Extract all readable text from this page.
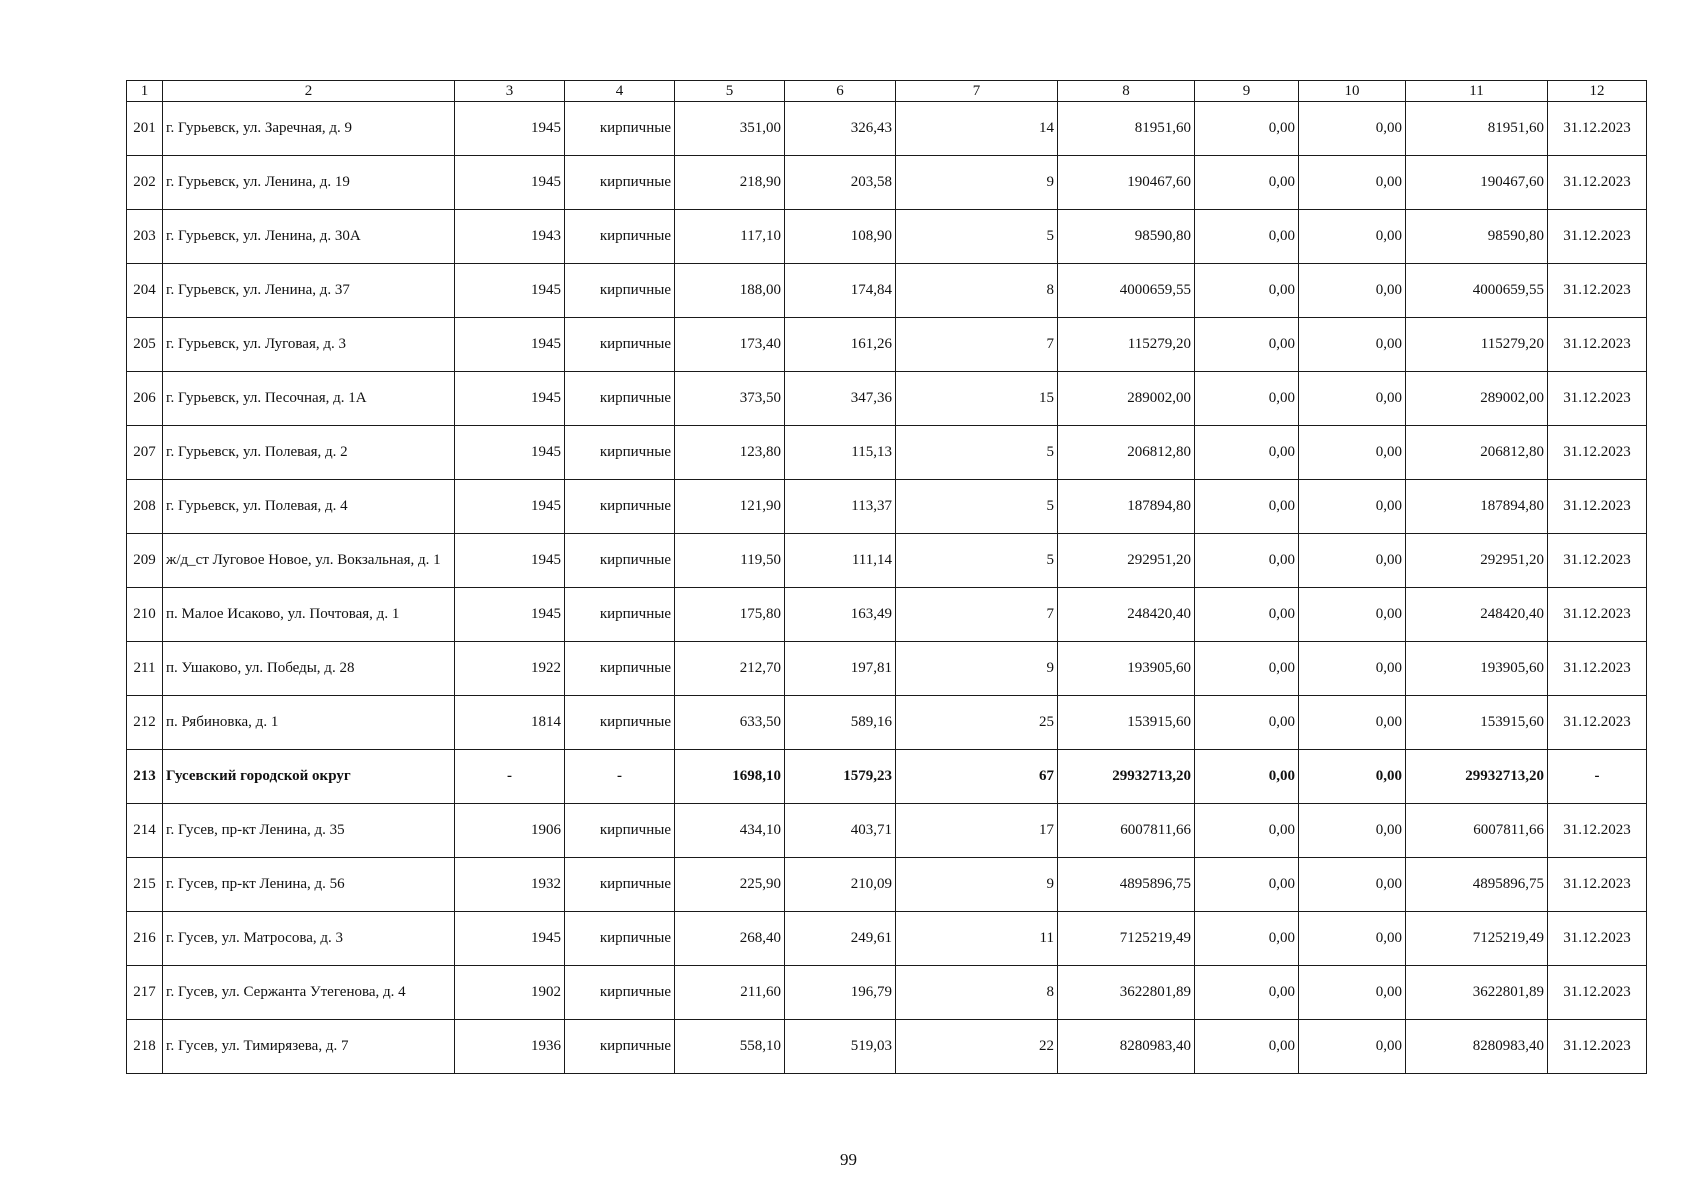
1	2	3	4	5	6	7	8	9	10	11	12
201	г. Гурьевск, ул. Заречная, д. 9	1945	кирпичные	351,00	326,43	14	81951,60	0,00	0,00	81951,60	31.12.2023
202	г. Гурьевск, ул. Ленина, д. 19	1945	кирпичные	218,90	203,58	9	190467,60	0,00	0,00	190467,60	31.12.2023
203	г. Гурьевск, ул. Ленина, д. 30А	1943	кирпичные	117,10	108,90	5	98590,80	0,00	0,00	98590,80	31.12.2023
204	г. Гурьевск, ул. Ленина, д. 37	1945	кирпичные	188,00	174,84	8	4000659,55	0,00	0,00	4000659,55	31.12.2023
205	г. Гурьевск, ул. Луговая, д. 3	1945	кирпичные	173,40	161,26	7	115279,20	0,00	0,00	115279,20	31.12.2023
206	г. Гурьевск, ул. Песочная, д. 1А	1945	кирпичные	373,50	347,36	15	289002,00	0,00	0,00	289002,00	31.12.2023
207	г. Гурьевск, ул. Полевая, д. 2	1945	кирпичные	123,80	115,13	5	206812,80	0,00	0,00	206812,80	31.12.2023
208	г. Гурьевск, ул. Полевая, д. 4	1945	кирпичные	121,90	113,37	5	187894,80	0,00	0,00	187894,80	31.12.2023
209	ж/д_ст Луговое Новое, ул. Вокзальная, д. 1	1945	кирпичные	119,50	111,14	5	292951,20	0,00	0,00	292951,20	31.12.2023
210	п. Малое Исаково, ул. Почтовая, д. 1	1945	кирпичные	175,80	163,49	7	248420,40	0,00	0,00	248420,40	31.12.2023
211	п. Ушаково, ул. Победы, д. 28	1922	кирпичные	212,70	197,81	9	193905,60	0,00	0,00	193905,60	31.12.2023
212	п. Рябиновка, д. 1	1814	кирпичные	633,50	589,16	25	153915,60	0,00	0,00	153915,60	31.12.2023
213	Гусевский городской округ	-	-	1698,10	1579,23	67	29932713,20	0,00	0,00	29932713,20	-
214	г. Гусев, пр-кт Ленина, д. 35	1906	кирпичные	434,10	403,71	17	6007811,66	0,00	0,00	6007811,66	31.12.2023
215	г. Гусев, пр-кт Ленина, д. 56	1932	кирпичные	225,90	210,09	9	4895896,75	0,00	0,00	4895896,75	31.12.2023
216	г. Гусев, ул. Матросова, д. 3	1945	кирпичные	268,40	249,61	11	7125219,49	0,00	0,00	7125219,49	31.12.2023
217	г. Гусев, ул. Сержанта Утегенова, д. 4	1902	кирпичные	211,60	196,79	8	3622801,89	0,00	0,00	3622801,89	31.12.2023
218	г. Гусев, ул. Тимирязева, д. 7	1936	кирпичные	558,10	519,03	22	8280983,40	0,00	0,00	8280983,40	31.12.2023
99
